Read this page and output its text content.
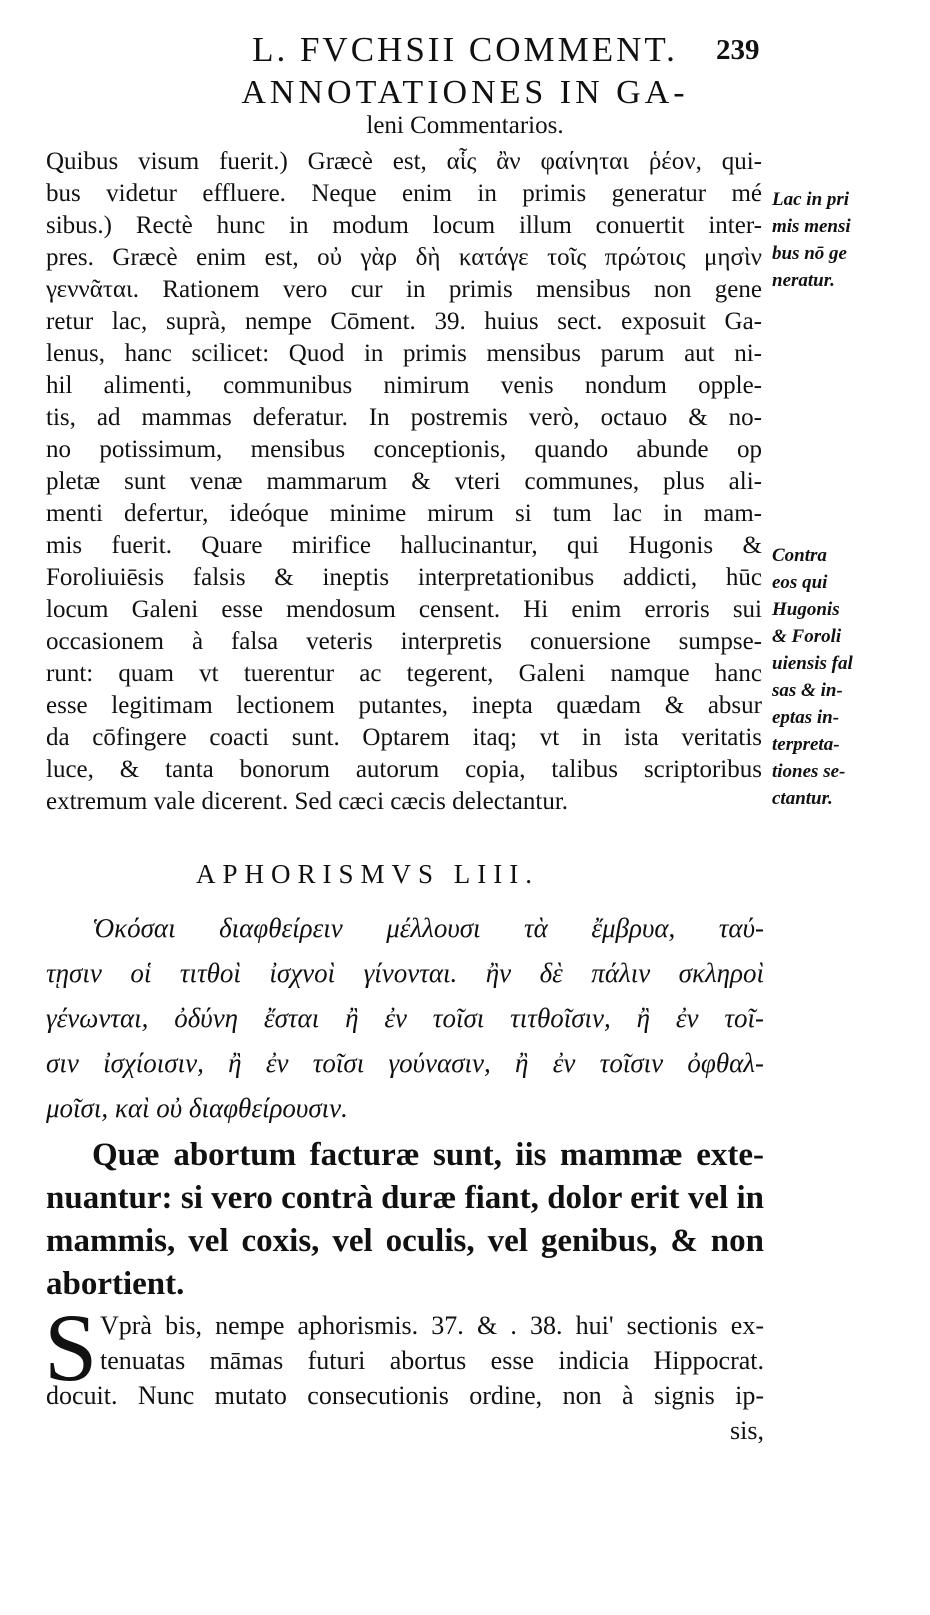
L. FVCHSII COMMENT.	239
ANNOTATIONES IN GA-
leni Commentarios.
Quibus visum fuerit.) Græcè est, αἷς ἂν φαίνηται ῥέον, qui-
bus videtur effluere. Neque enim in primis generatur mé
sibus.) Rectè hunc in modum locum illum conuertit inter-
pres. Græcè enim est, οὐ γὰρ δὴ κατάγε τοῖς πρώτοις μησὶν
γεννᾶται. Rationem vero cur in primis mensibus non gene
retur lac, suprà, nempe Cōment. 39. huius sect. exposuit Ga-
lenus, hanc scilicet: Quod in primis mensibus parum aut ni-
hil alimenti, communibus nimirum venis nondum opple-
tis, ad mammas deferatur. In postremis verò, octauo & no-
no potissimum, mensibus conceptionis, quando abunde op
pletæ sunt venæ mammarum & vteri communes, plus ali-
menti defertur, ideóque minime mirum si tum lac in mam-
mis fuerit. Quare mirifice hallucinantur, qui Hugonis &
Foroliuiēsis falsis & ineptis interpretationibus addicti, hūc
locum Galeni esse mendosum censent. Hi enim erroris sui
occasionem à falsa veteris interpretis conuersione sumpse-
runt: quam vt tuerentur ac tegerent, Galeni namque hanc
esse legitimam lectionem putantes, inepta quædam & absur
da cōfingere coacti sunt. Optarem itaq; vt in ista veritatis
luce, & tanta bonorum autorum copia, talibus scriptoribus
extremum vale dicerent. Sed cæci cæcis delectantur.
Lac in pri
mis mensi
bus nō ge
neratur.
Contra
eos qui
Hugonis
& Foroli
uiensis fal
sas & in-
eptas in-
terpreta-
tiones se-
ctantur.
APHORISMVS LIII.
Ὁκόσαι διαφθείρειν μέλλουσι τὰ ἔμβρυα, ταύ-
τῃσιν οἱ τιτθοὶ ἰσχνοὶ γίνονται. ἢν δὲ πάλιν σκληροὶ
γένωνται, ὀδύνη ἔσται ἢ ἐν τοῖσι τιτθοῖσιν, ἢ ἐν τοῖ-
σιν ἰσχίοισιν, ἢ ἐν τοῖσι γούνασιν, ἢ ἐν τοῖσιν ὀφθαλ-
μοῖσι, καὶ οὐ διαφθείρουσιν.
Quæ abortum facturæ sunt, iis mammæ exte-
nuantur: si vero contrà duræ fiant, dolor erit vel in
mammis, vel coxis, vel oculis, vel genibus, & non
abortient.
S Vprà bis, nempe aphorismis. 37. & . 38. hui' sectionis ex-
tenuatas māmas futuri abortus esse indicia Hippocrat.
docuit. Nunc mutato consecutionis ordine, non à signis ip-
sis,
